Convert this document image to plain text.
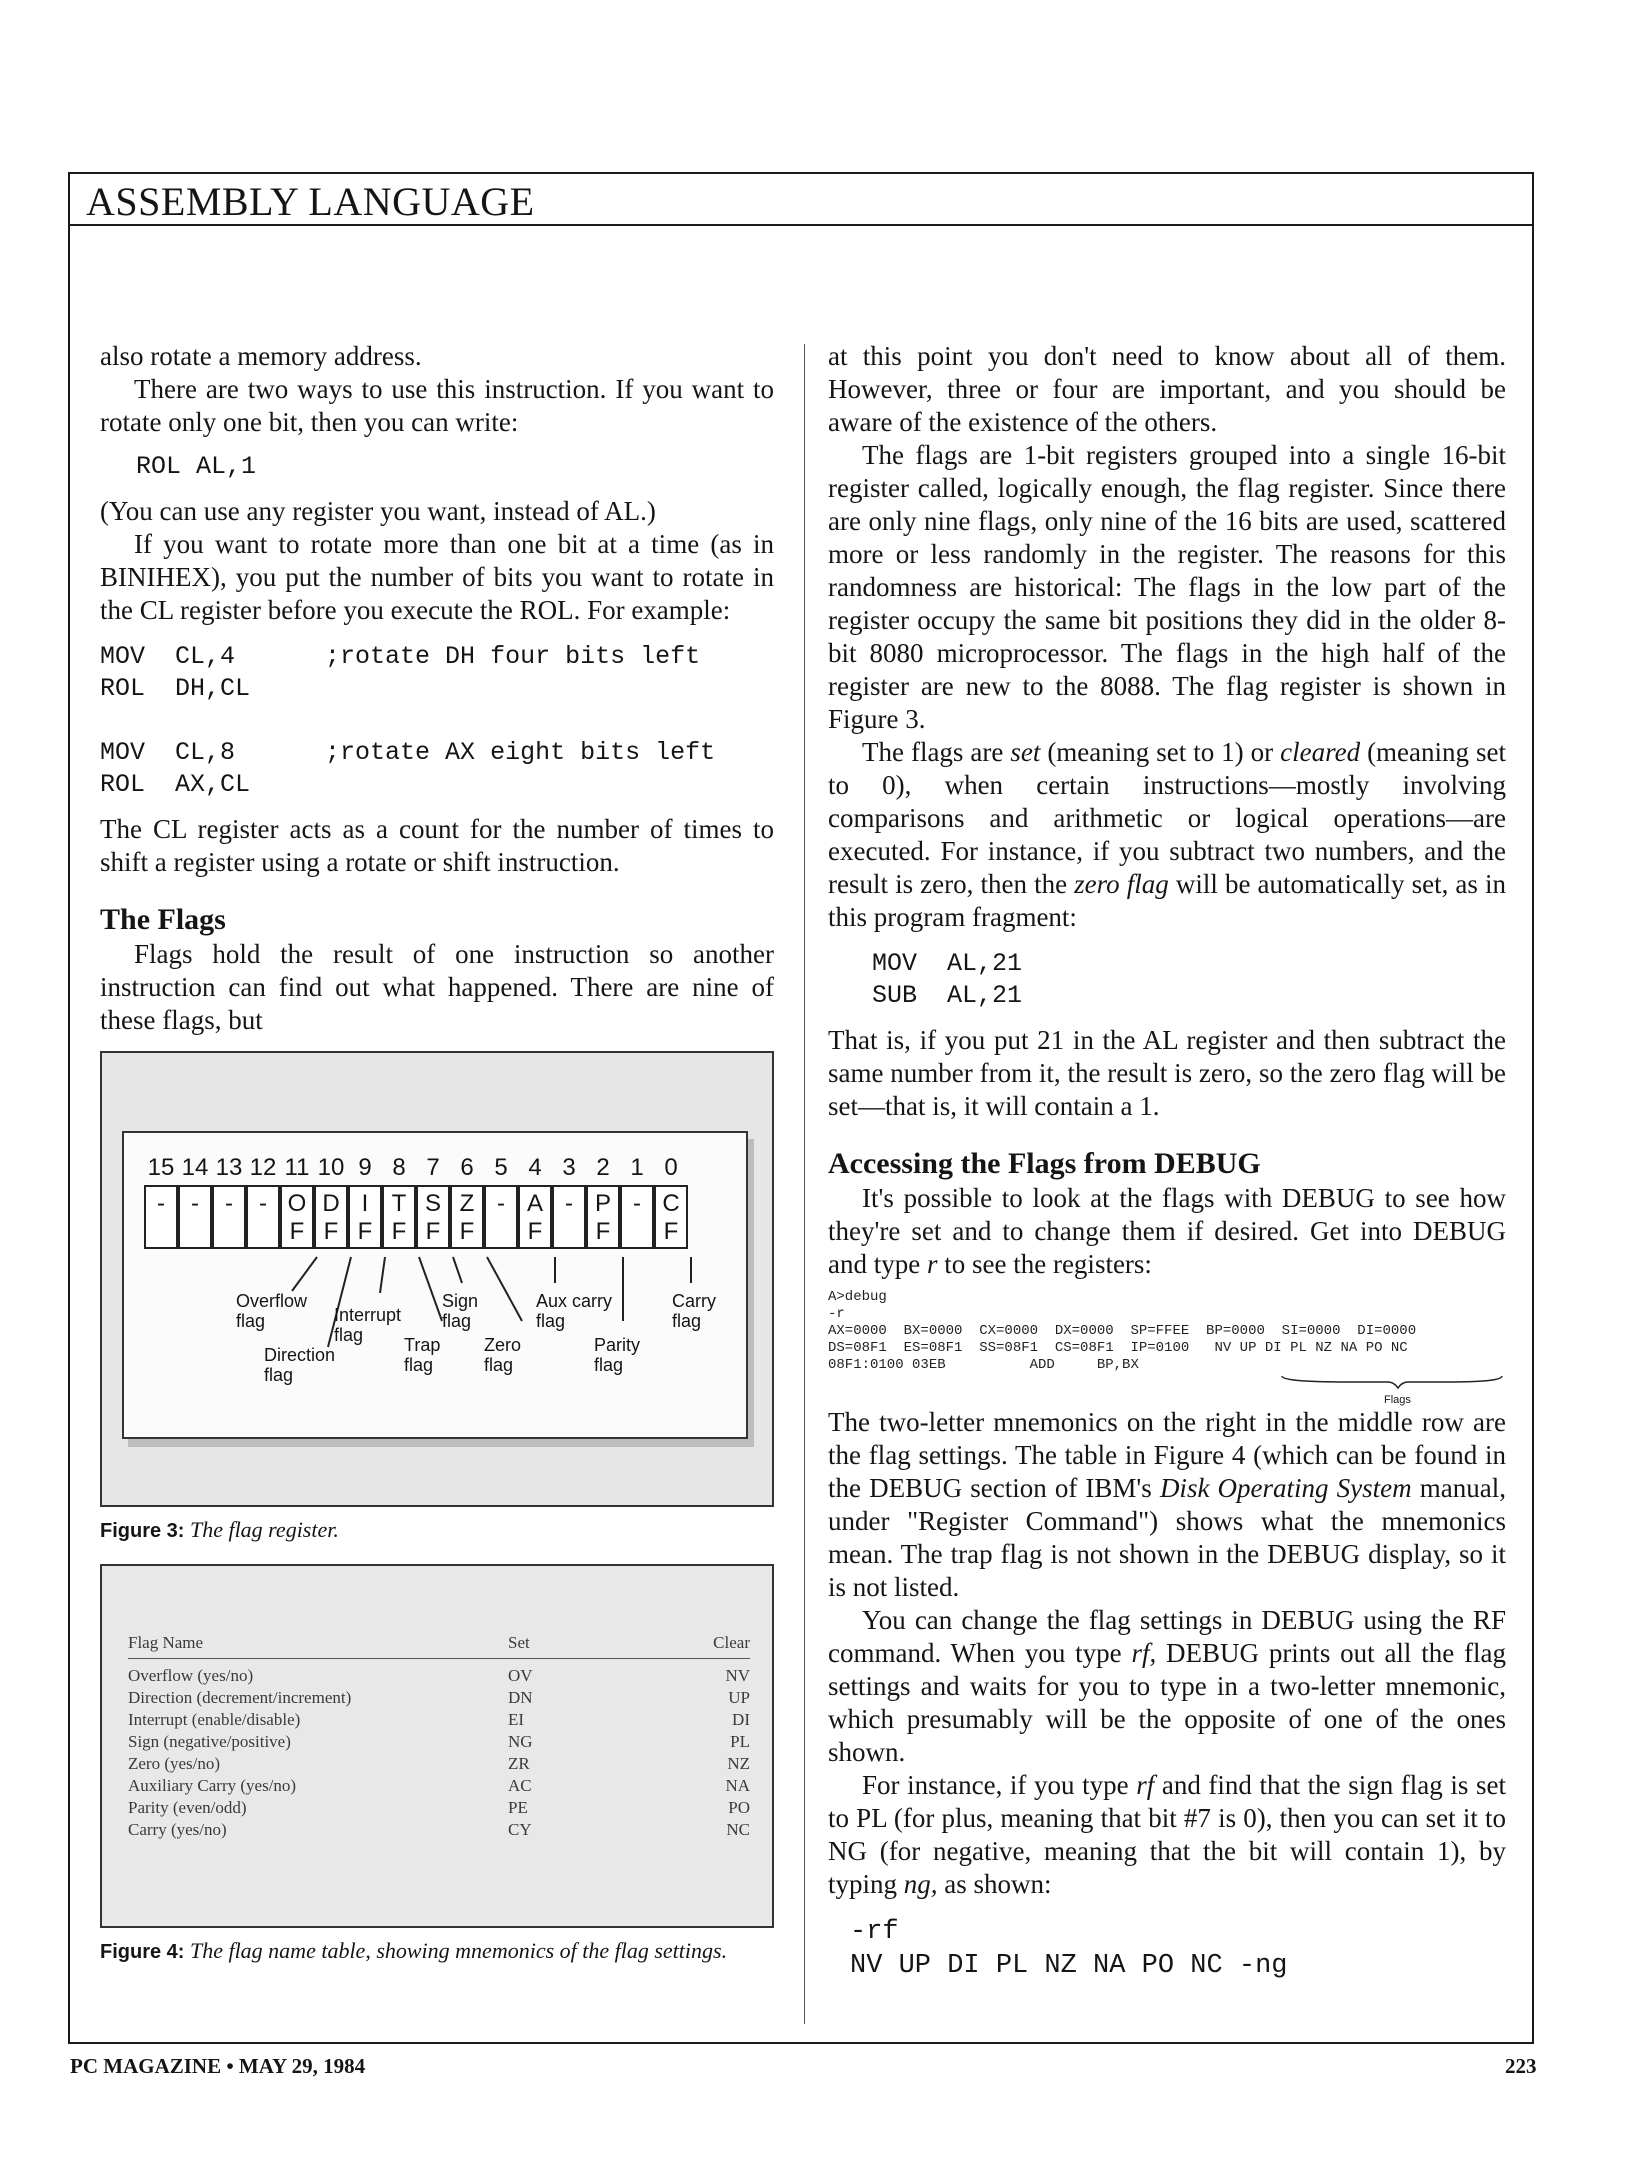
ASSEMBLY LANGUAGE

also rotate a memory address.

There are two ways to use this instruction. If you want to rotate only one bit, then you can write:

ROL AL,1

(You can use any register you want, instead of AL.)

If you want to rotate more than one bit at a time (as in BINIHEX), you put the number of bits you want to rotate in the CL register before you execute the ROL. For example:

MOV  CL,4      ;rotate DH four bits left
ROL  DH,CL

MOV  CL,8      ;rotate AX eight bits left
ROL  AX,CL

The CL register acts as a count for the number of times to shift a register using a rotate or shift instruction.

The Flags

Flags hold the result of one instruction so another instruction can find out what happened. There are nine of these flags, but

15 14 13 12 11 10 9 8 7 6 5 4 3 2 1 0
-	-	-	- O
F
D
F
I
F
T
F
S
F
Z
F
- A
F
- P
F
- C
F
Overflow
flag	Interrupt
flag
Direction
flag
Trap
flag
Sign
flag
Zero
flag
Aux carry
flag
Parity
flag
Carry
flag
Figure 3: The flag register.
Flag Name	Set	Clear
Overflow (yes/no)	OV	NV
Direction (decrement/increment)	DN	UP
Interrupt (enable/disable)	EI	DI
Sign (negative/positive)	NG	PL
Zero (yes/no)	ZR	NZ
Auxiliary Carry (yes/no)	AC	NA
Parity (even/odd)	PE	PO
Carry (yes/no)	CY	NC
Figure 4: The flag name table, showing mnemonics of the flag settings.

at this point you don't need to know about all of them. However, three or four are important, and you should be aware of the existence of the others.

The flags are 1-bit registers grouped into a single 16-bit register called, logically enough, the flag register. Since there are only nine flags, only nine of the 16 bits are used, scattered more or less randomly in the register. The reasons for this randomness are historical: The flags in the low part of the register occupy the same bit positions they did in the older 8-bit 8080 microprocessor. The flags in the high half of the register are new to the 8088. The flag register is shown in Figure 3.

The flags are set (meaning set to 1) or cleared (meaning set to 0), when certain instructions—mostly involving comparisons and arithmetic or logical operations—are executed. For instance, if you subtract two numbers, and the result is zero, then the zero flag will be automatically set, as in this program fragment:

MOV  AL,21
SUB  AL,21

That is, if you put 21 in the AL register and then subtract the same number from it, the result is zero, so the zero flag will be set—that is, it will contain a 1.

Accessing the Flags from DEBUG

It's possible to look at the flags with DEBUG to see how they're set and to change them if desired. Get into DEBUG and type r to see the registers:

A>debug
-r
AX=0000  BX=0000  CX=0000  DX=0000  SP=FFEE  BP=0000  SI=0000  DI=0000
DS=08F1  ES=08F1  SS=08F1  CS=08F1  IP=0100   NV UP DI PL NZ NA PO NC
08F1:0100 03EB          ADD     BP,BX
Flags

The two-letter mnemonics on the right in the middle row are the flag settings. The table in Figure 4 (which can be found in the DEBUG section of IBM's Disk Operating System manual, under "Register Command") shows what the mnemonics mean. The trap flag is not shown in the DEBUG display, so it is not listed.

You can change the flag settings in DEBUG using the RF command. When you type rf, DEBUG prints out all the flag settings and waits for you to type in a two-letter mnemonic, which presumably will be the opposite of one of the ones shown.

For instance, if you type rf and find that the sign flag is set to PL (for plus, meaning that bit #7 is 0), then you can set it to NG (for negative, meaning that the bit will contain 1), by typing ng, as shown:

-rf
NV UP DI PL NZ NA PO NC -ng
PC MAGAZINE • MAY 29, 1984	223
